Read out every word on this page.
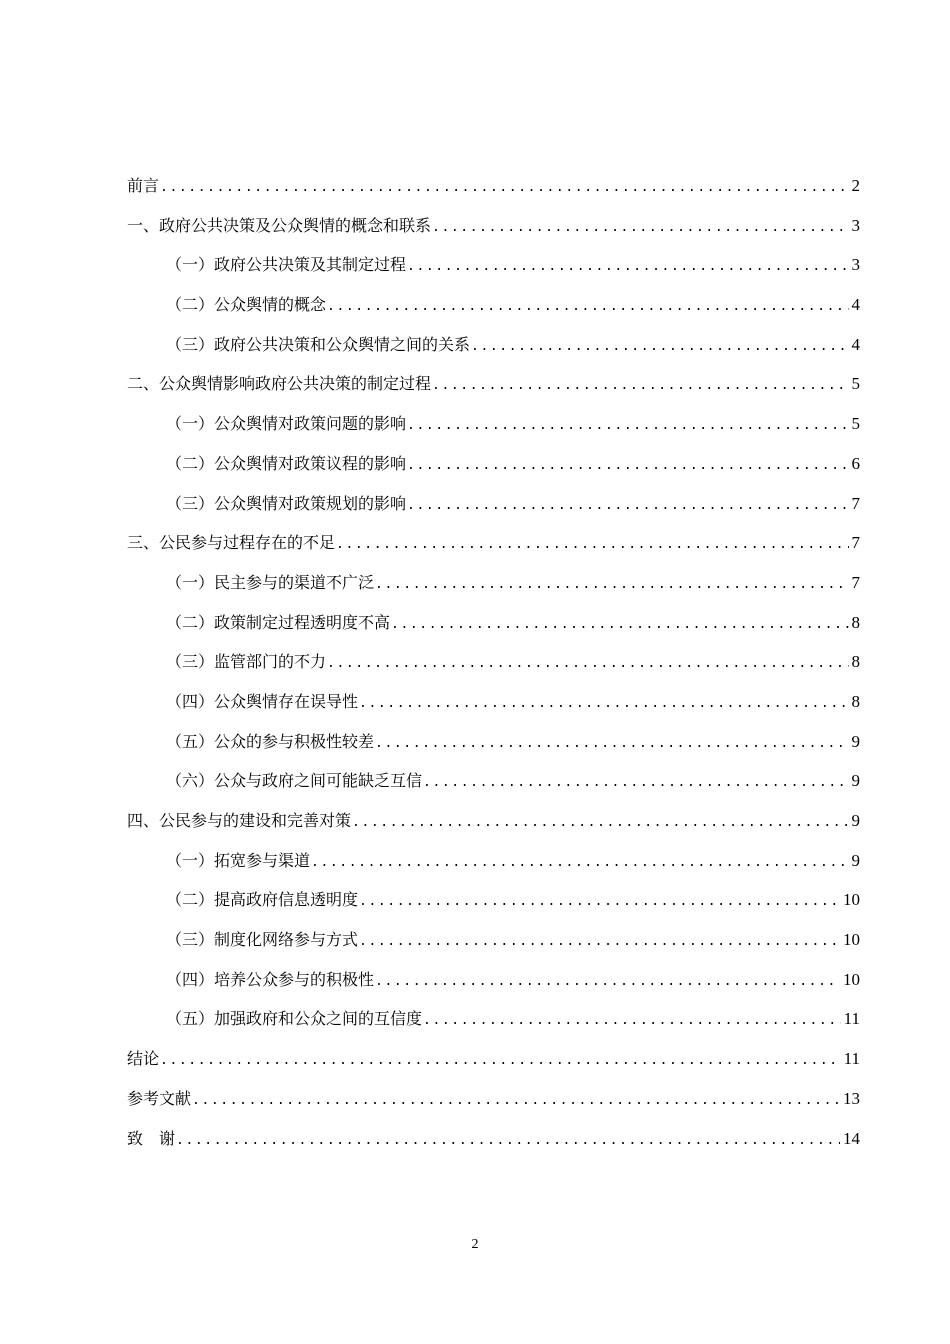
前言 .....	2
一、政府公共决策及公众舆情的概念和联系 .....	3
（一）政府公共决策及其制定过程 .....	3
（二）公众舆情的概念 .....	4
（三）政府公共决策和公众舆情之间的关系 .....	4
二、公众舆情影响政府公共决策的制定过程 .....	5
（一）公众舆情对政策问题的影响 .....	5
（二）公众舆情对政策议程的影响 .....	6
（三）公众舆情对政策规划的影响 .....	7
三、公民参与过程存在的不足 .....	7
（一）民主参与的渠道不广泛 .....	7
（二）政策制定过程透明度不高 .....	8
（三）监管部门的不力 .....	8
（四）公众舆情存在误导性 .....	8
（五）公众的参与积极性较差 .....	9
（六）公众与政府之间可能缺乏互信 .....	9
四、公民参与的建设和完善对策 .....	9
（一）拓宽参与渠道 .....	9
（二）提高政府信息透明度 .....	10
（三）制度化网络参与方式 .....	10
（四）培养公众参与的积极性 .....	10
（五）加强政府和公众之间的互信度 .....	11
结论 .....	11
参考文献 .....	13
致　谢 .....	14
2
